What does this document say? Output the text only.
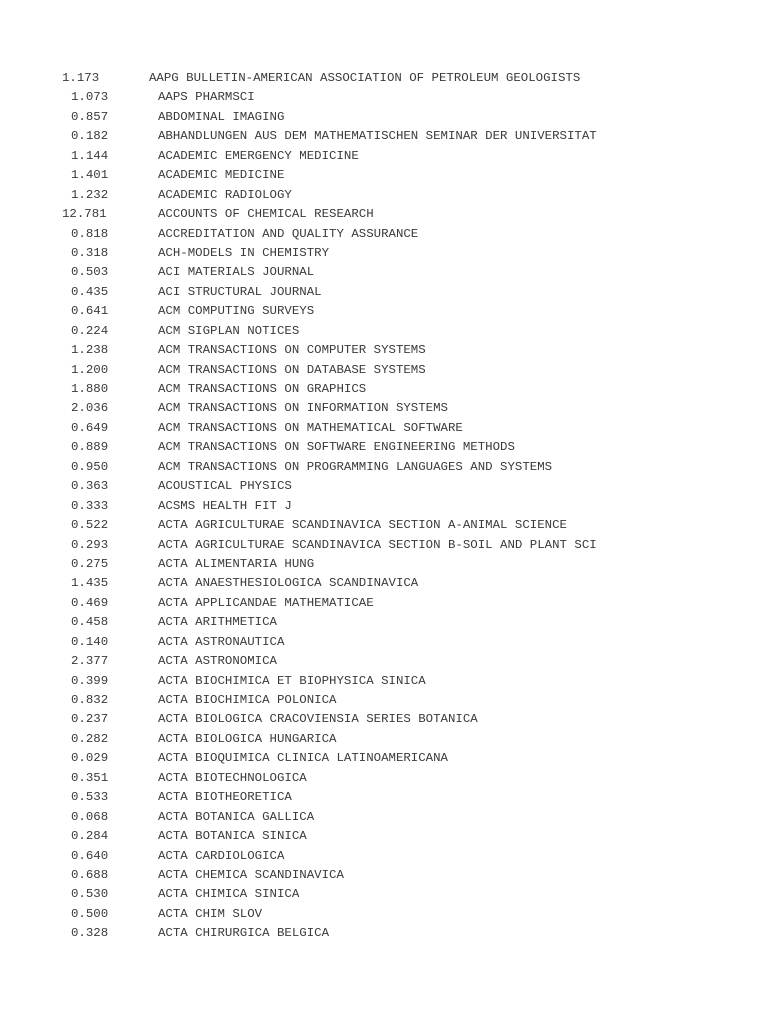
1.173	AAPG BULLETIN-AMERICAN ASSOCIATION OF PETROLEUM GEOLOGISTS
1.073	AAPS PHARMSCI
0.857	ABDOMINAL IMAGING
0.182	ABHANDLUNGEN AUS DEM MATHEMATISCHEN SEMINAR DER UNIVERSITAT
1.144	ACADEMIC EMERGENCY MEDICINE
1.401	ACADEMIC MEDICINE
1.232	ACADEMIC RADIOLOGY
12.781	ACCOUNTS OF CHEMICAL RESEARCH
0.818	ACCREDITATION AND QUALITY ASSURANCE
0.318	ACH-MODELS IN CHEMISTRY
0.503	ACI MATERIALS JOURNAL
0.435	ACI STRUCTURAL JOURNAL
0.641	ACM COMPUTING SURVEYS
0.224	ACM SIGPLAN NOTICES
1.238	ACM TRANSACTIONS ON COMPUTER SYSTEMS
1.200	ACM TRANSACTIONS ON DATABASE SYSTEMS
1.880	ACM TRANSACTIONS ON GRAPHICS
2.036	ACM TRANSACTIONS ON INFORMATION SYSTEMS
0.649	ACM TRANSACTIONS ON MATHEMATICAL SOFTWARE
0.889	ACM TRANSACTIONS ON SOFTWARE ENGINEERING METHODS
0.950	ACM TRANSACTIONS ON PROGRAMMING LANGUAGES AND SYSTEMS
0.363	ACOUSTICAL PHYSICS
0.333	ACSMS HEALTH FIT J
0.522	ACTA AGRICULTURAE SCANDINAVICA SECTION A-ANIMAL SCIENCE
0.293	ACTA AGRICULTURAE SCANDINAVICA SECTION B-SOIL AND PLANT SCI
0.275	ACTA ALIMENTARIA HUNG
1.435	ACTA ANAESTHESIOLOGICA SCANDINAVICA
0.469	ACTA APPLICANDAE MATHEMATICAE
0.458	ACTA ARITHMETICA
0.140	ACTA ASTRONAUTICA
2.377	ACTA ASTRONOMICA
0.399	ACTA BIOCHIMICA ET BIOPHYSICA SINICA
0.832	ACTA BIOCHIMICA POLONICA
0.237	ACTA BIOLOGICA CRACOVIENSIA SERIES BOTANICA
0.282	ACTA BIOLOGICA HUNGARICA
0.029	ACTA BIOQUIMICA CLINICA LATINOAMERICANA
0.351	ACTA BIOTECHNOLOGICA
0.533	ACTA BIOTHEORETICA
0.068	ACTA BOTANICA GALLICA
0.284	ACTA BOTANICA SINICA
0.640	ACTA CARDIOLOGICA
0.688	ACTA CHEMICA SCANDINAVICA
0.530	ACTA CHIMICA SINICA
0.500	ACTA CHIM SLOV
0.328	ACTA CHIRURGICA BELGICA
